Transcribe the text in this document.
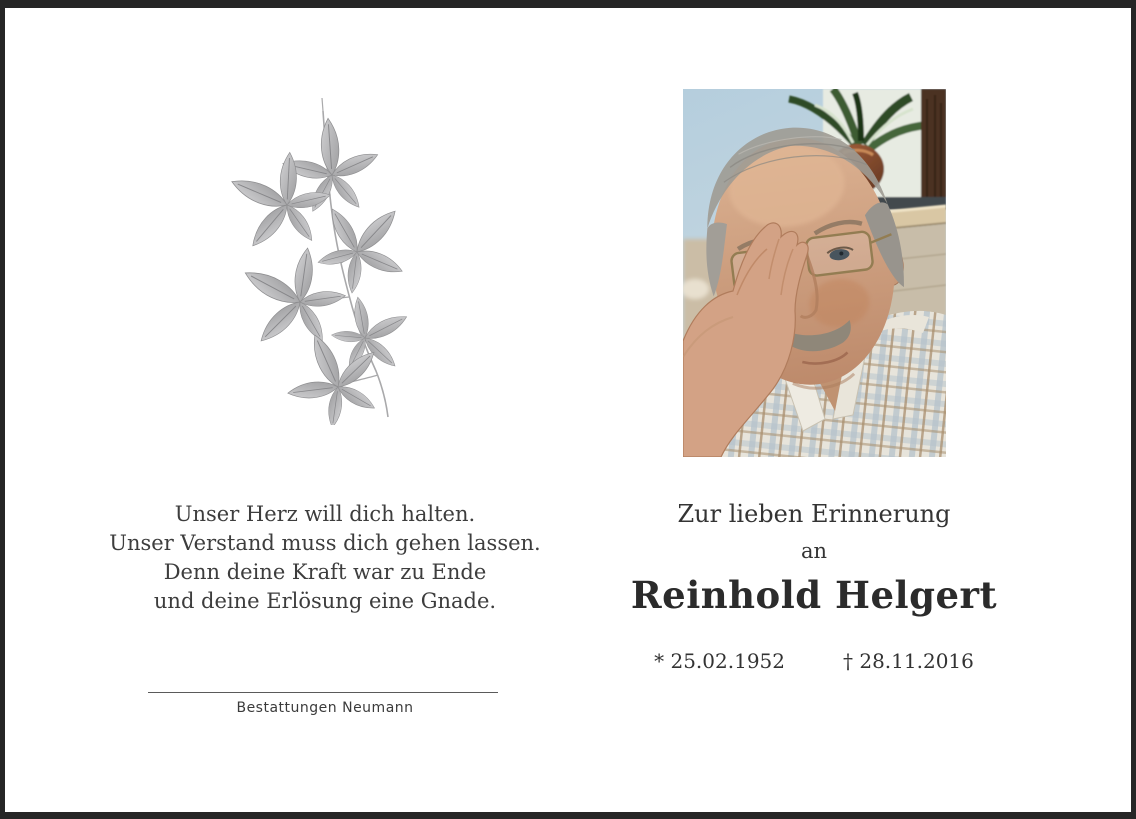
Unser Herz will dich halten.
Unser Verstand muss dich gehen lassen.
Denn deine Kraft war zu Ende
und deine Erlösung eine Gnade.
Bestattungen Neumann
Zur lieben Erinnerung
an
Reinhold Helgert
* 25.02.1952	† 28.11.2016
